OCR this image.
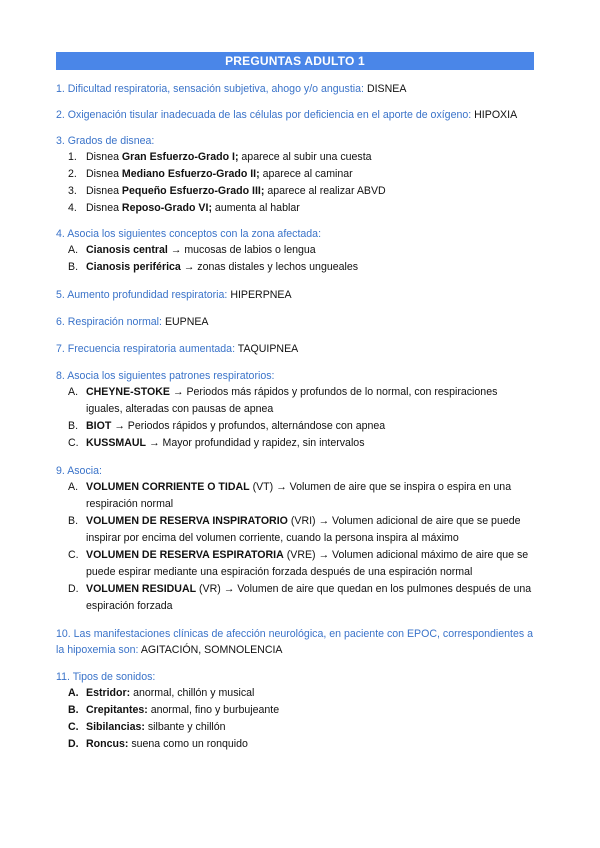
PREGUNTAS ADULTO 1
1. Dificultad respiratoria, sensación subjetiva, ahogo y/o angustia: DISNEA
2. Oxigenación tisular inadecuada de las células por deficiencia en el aporte de oxígeno: HIPOXIA
3. Grados de disnea:
1. Disnea Gran Esfuerzo-Grado I; aparece al subir una cuesta
2. Disnea Mediano Esfuerzo-Grado II; aparece al caminar
3. Disnea Pequeño Esfuerzo-Grado III; aparece al realizar ABVD
4. Disnea Reposo-Grado VI; aumenta al hablar
4. Asocia los siguientes conceptos con la zona afectada:
A. Cianosis central → mucosas de labios o lengua
B. Cianosis periférica → zonas distales y lechos ungueales
5. Aumento profundidad respiratoria: HIPERPNEA
6. Respiración normal: EUPNEA
7. Frecuencia respiratoria aumentada: TAQUIPNEA
8. Asocia los siguientes patrones respiratorios:
A. CHEYNE-STOKE → Periodos más rápidos y profundos de lo normal, con respiraciones iguales, alteradas con pausas de apnea
B. BIOT → Periodos rápidos y profundos, alternándose con apnea
C. KUSSMAUL → Mayor profundidad y rapidez, sin intervalos
9. Asocia:
A. VOLUMEN CORRIENTE O TIDAL (VT) → Volumen de aire que se inspira o espira en una respiración normal
B. VOLUMEN DE RESERVA INSPIRATORIO (VRI) → Volumen adicional de aire que se puede inspirar por encima del volumen corriente, cuando la persona inspira al máximo
C. VOLUMEN DE RESERVA ESPIRATORIA (VRE) → Volumen adicional máximo de aire que se puede espirar mediante una espiración forzada después de una espiración normal
D. VOLUMEN RESIDUAL (VR) → Volumen de aire que quedan en los pulmones después de una espiración forzada
10. Las manifestaciones clínicas de afección neurológica, en paciente con EPOC, correspondientes a la hipoxemia son: AGITACIÓN, SOMNOLENCIA
11. Tipos de sonidos:
A. Estridor: anormal, chillón y musical
B. Crepitantes: anormal, fino y burbujeante
C. Sibilancias: silbante y chillón
D. Roncus: suena como un ronquido
